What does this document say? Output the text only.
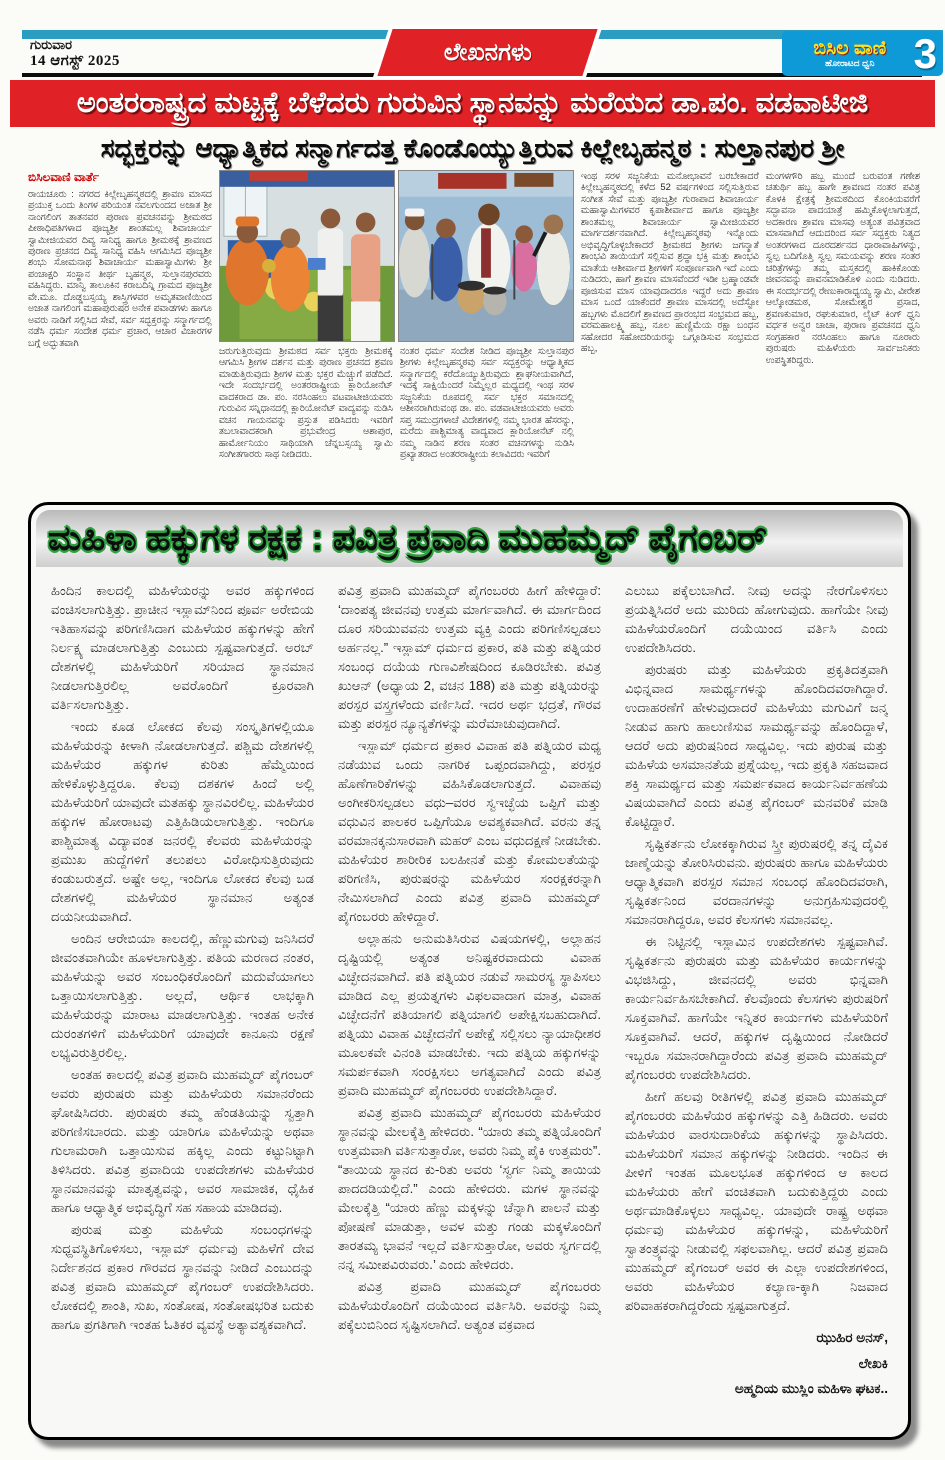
ಗುರುವಾರ
14 ಆಗಸ್ಟ್ 2025	ಲೇಖನಗಳು	ಬಿಸಿಲ ವಾಣಿ
ಹೋರಾಟದ ಧ್ವನಿ 3
ಅಂತರರಾಷ್ಟ್ರದ ಮಟ್ಟಕ್ಕೆ ಬೆಳೆದರು ಗುರುವಿನ ಸ್ಥಾನವನ್ನು ಮರೆಯದ ಡಾ.ಪಂ. ವಡವಾಟೀಜಿ
ಸದ್ಭಕ್ತರನ್ನು ಆಧ್ಯಾತ್ಮಿಕದ ಸನ್ಮಾರ್ಗದತ್ತ ಕೊಂಡೊಯ್ಯುತ್ತಿರುವ ಕಿಲ್ಲೇಬೃಹನ್ಮಠ : ಸುಲ್ತಾನಪುರ ಶ್ರೀ
ಬಿಸಿಲವಾಣಿ ವಾರ್ತೆ
ರಾಯಚೂರು : ನಗರದ ಕಿಲ್ಲೇಬೃಹನ್ಮಠದಲ್ಲಿ ಶ್ರಾವಣ ಮಾಸದ ಪ್ರಯುಕ್ತ ಒಂದು ತಿಂಗಳ ಪರಿಯಂತ ನವಲಗುಂದದ ಅಜಾತ ಶ್ರೀ ನಾಂಗಲಿಂಗ ತಾತನವರ ಪುರಾಣ ಪ್ರವಚನವನ್ನು ಶ್ರೀಮಠದ ಪೀಠಾಧಿಪತಿಗಳಾದ ಪೂಜ್ಯಶ್ರೀ ಶಾಂತಮಲ್ಲ ಶಿವಾಚಾರ್ಯ ಸ್ವಾಮೀಜಿಯವರ ದಿವ್ಯ ಸಾನಿಧ್ಯ ಹಾಗೂ ಶ್ರೀಮಠಕ್ಕೆ ಶ್ರಾವಣದ ಪುರಾಣ ಪ್ರಚನದ ದಿವ್ಯ ಸಾನಿಧ್ಯ ವಹಿಸಿ ಆಗಮಿಸಿದ ಪೂಜ್ಯಶ್ರೀ ಶಂಭು ಸೋಮನಾಥ ಶಿವಾಚಾರ್ಯ ಮಹಾಸ್ವಾಮಿಗಳು ಶ್ರೀ ಪಂಚಾಕ್ಷರಿ ಸಂಸ್ಥಾನ ತೀರ್ಥ ಬೃಹನ್ಮಠ, ಸುಲ್ತಾನಪುರವರು ವಹಿಸಿದ್ದರು. ಮಾನ್ವಿ ತಾಲೂಕಿನ ಕರಾಬದಿನ್ನಿ ಗ್ರಾಮದ ಪೂಜ್ಯಶ್ರೀ ವೇ.ಮೂ. ದೊಡ್ಡಬಸ್ಸಯ್ಯ ಶಾಸ್ತ್ರಿಗಳವರ ಅಮೃತವಾಣಿಯಿಂದ ಅಜಾತ ನಾಗಲಿಂಗ ಮಹಾಪುರುಷರ ಅನೇಕ ಪವಾಡಗಳು ಹಾಗೂ ಅವರು ನಾಡಿಗೆ ಸಲ್ಲಿಸಿದ ಸೇವೆ, ಸರ್ವ ಸದ್ಭಕ್ತರನ್ನು ಸನ್ಮಾರ್ಗದಲ್ಲಿ ನಡೆಸಿ ಧರ್ಮ ಸಂದೇಶ ಧರ್ಮ ಪ್ರಚಾರ, ಆಚಾರ ವಿಚಾರಗಳ ಬಗ್ಗೆ ಅದ್ಭುತವಾಗಿ
ಜರುಗುತ್ತಿರುವುದು ಶ್ರೀಮಠದ ಸರ್ವ ಭಕ್ತರು ಶ್ರೀಮಠಕ್ಕೆ ಆಗಮಿಸಿ ಶ್ರೀಗಳ ದರ್ಶನ ಮತ್ತು ಪುರಾಣ ಪ್ರಚನದ ಶ್ರವಣ ಮಾಡುತ್ತಿರುವುದು ಶ್ರೀಗಳ ಮತ್ತು ಭಕ್ತರ ಮೆಚ್ಚುಗೆ ಪಡೆದಿದೆ. ಇದೇ ಸಂದರ್ಭದಲ್ಲಿ ಅಂತರರಾಷ್ಟ್ರೀಯ ಕ್ಲಾರಿಯೋನೆಟ್ ವಾದಕರಾದ ಡಾ. ಪಂ. ನರಸಿಂಹಲು ವಟವಾಟೀಜಿಯವರು ಗುರುವಿನ ಸನ್ನಿಧಾನದಲ್ಲಿ ಕ್ಲಾರಿಯೋನೆಟ್ ವಾದ್ಯವನ್ನು ನುಡಿಸಿ ವಚನ ಗಾಯನವನ್ನು ಪ್ರಸ್ತುತ ಪಡಿಸಿದರು ಇವರಿಗೆ ತಬಲಾವಾದಕರಾಗಿ ಪ್ರಭುವೇಂದ್ರ ಆಶಾಪುರ, ಹಾರ್ಮೋನಿಯಂ ಸಾಥಿಯಾಗಿ ಚೆನ್ನಬಸ್ಸಯ್ಯ ಸ್ವಾಮಿ ಸಂಗೀತಗಾರರು ಸಾಥ ನೀಡಿದರು.
ನಂತರ ಧರ್ಮ ಸಂದೇಶ ನೀಡಿದ ಪೂಜ್ಯಶ್ರೀ ಸುಲ್ತಾನಪುರ ಶ್ರೀಗಳು ಕಿಲ್ಲೇಬೃಹನ್ಮಠವು ಸರ್ವ ಸದ್ಭಕ್ತರನ್ನು ಆಧ್ಯಾತ್ಮಿಕದ ಸನ್ಮಾರ್ಗದಲ್ಲಿ ಕರೆದೊಯ್ಯುತ್ತಿರುವುದು ಶ್ಲಾಘನೀಯವಾಗಿದೆ, ಇದಕ್ಕೆ ಸಾಕ್ಷಿಯೆಂದರೆ ನಿಮ್ಮೆಲ್ಲರ ಮಧ್ಯದಲ್ಲಿ ಇಂಥ ಸರಳ ಸಜ್ಜನಿಕೆಯ ರೂಪದಲ್ಲಿ ಸರ್ವ ಭಕ್ತರ ಸಮಾನದಲ್ಲಿ ಆಶೀನರಾಗಿರುವಂಥ ಡಾ. ಪಂ. ವಡವಾಟೀಜಿಯವರು ಅವರು ಸಪ್ತ ಸಮುದ್ರಗಳಾಚೆ ವಿದೇಶಗಳಲ್ಲಿ ನಮ್ಮ ಭಾರತ ಹೆಸರನ್ನು, ಮರೆದು ಪಾಶ್ಚಿಮಾತ್ಯ ವಾದ್ಯವಾದ ಕ್ಲಾರಿಯೋನೆಟ್ ನಲ್ಲಿ ನಮ್ಮ ನಾಡಿನ ಶರಣ ಸಂತರ ವಚನಗಳನ್ನು ನುಡಿಸಿ ಪ್ರಖ್ಯಾತರಾದ ಅಂತರರಾಷ್ಟ್ರೀಯ ಕಲಾವಿದರು ಇವರಿಗೆ
ಇಂಥ ಸರಳ ಸಜ್ಜನಿಕೆಯ ಮನೋಭಾವನೆ ಬರಬೇಕಾದರೆ ಕಿಲ್ಲೇಬೃಹನ್ಮಠದಲ್ಲಿ ಕಳೆದ 52 ವರ್ಷಗಳಿಂದ ಸಲ್ಲಿಸುತ್ತಿರುವ ಸಂಗೀತ ಸೇವೆ ಮತ್ತು ಪೂಜ್ಯಶ್ರೀ ಗುರಾಪಾದ ಶಿವಾಚಾರ್ಯ ಮಹಾಸ್ವಾಮಿಗಳವರ ಕೃಪಾಶೀರ್ವಾದ ಹಾಗೂ ಪೂಜ್ಯಶ್ರೀ ಶಾಂತಮಲ್ಲ ಶಿವಾಚಾರ್ಯ ಸ್ವಾಮೀಜಿಯವರ ಮಾರ್ಗದರ್ಶನವಾಗಿದೆ. ಕಿಲ್ಲೇಬೃಹನ್ಮಠವು ಇನ್ನೊಂದು ಅಭಿವೃದ್ಧಿಗೊಳ್ಳಬೇಕಾದರೆ ಶ್ರೀಮಠದ ಶ್ರೀಗಳು ಜಗನ್ಮಾತೆ ಶಾಂಭವಿ ತಾಯಿಯಗೆ ಸಲ್ಲಿಸುವ ಶ್ರದ್ಧಾ ಭಕ್ತಿ ಮತ್ತು ಶಾಂಭವಿ ಮಾತೆಯ ಆಶೀರ್ವಾದ ಶ್ರೀಗಳಿಗೆ ಸಂಪೂರ್ಣವಾಗಿ ಇದೆ ಎಂದು ನುಡಿದರು, ಹಾಗೆ ಶ್ರಾವಣ ಮಾಸವೆಂದರೆ ಇಡೀ ಬ್ರಹ್ಮಾಂಡವೇ ಪೂಜಿಸುವ ಮಾಸ ಯಾವುದಾದರೂ ಇದ್ದರೆ ಅದು ಶ್ರಾವಣ ಮಾಸ ಒಂದೆ ಯಾಕೆಂದರೆ ಶ್ರಾವಣ ಮಾಸದಲ್ಲಿ ಅದೆಸ್ಟೋ ಹಬ್ಬಗಳು ಮೊದಲಿಗೆ ಶ್ರಾವಣದ ಪ್ರಾರಂಭದ ಸಂಭ್ರಮದ ಹಬ್ಬ, ವರಮಹಾಲಕ್ಷ್ಮಿ ಹಬ್ಬ, ನೂಲ ಹುಣ್ಣಿಮೆಯ ರಕ್ಷಾ ಬಂಧನ ಸಹೋದರ ಸಹೋದರಿಯರನ್ನು ಒಗ್ಗೂಡಿಸುವ ಸಂಭ್ರಮದ ಹಬ್ಬ,
ಮಂಗಳಗೌರಿ ಹಬ್ಬ ಮುಂದೆ ಬರುವಂತ ಗಣೇಶ ಚತುರ್ಥಿ ಹಬ್ಬ ಹಾಗೇ ಶ್ರಾವಣದ ನಂತರ ಪವಿತ್ರ ಕೊಳಕಿ ಕ್ಷೇತ್ರಕ್ಕೆ ಶ್ರೀಮಠದಿಂದ ಕೊಂಕಿಯವರೆಗೆ ಸದ್ಭಾವನಾ ಪಾದಯಾತ್ರೆ ಹಮ್ಮಿಕೊಳ್ಳಲಾಗುತ್ತದೆ, ಅದಕಾರಣ ಶ್ರಾವಣ ಮಾಸವು ಅತ್ಯಂತ ಪವಿತ್ರವಾದ ಮಾಸವಾಗಿದೆ ಆದುದರಿಂದ ಸರ್ವ ಸದ್ಭಕ್ತರು ನಿತ್ಯದ ಅಂತರಗಳಾದ ದೂರದರ್ಶನದ ಧಾರಾವಾಹಿಗಳನ್ನು, ಸ್ವಲ್ಪ ಬದಿಗೊತ್ತಿ ಸ್ವಲ್ಪ ಸಮಯವನ್ನು ಶರಣ ಸಂತರ ಚರಿತ್ರೆಗಳನ್ನು ತಮ್ಮ ಮಸ್ತಕದಲ್ಲಿ ಹಾಕಿಕೊಂಡು ಜೀವನವನ್ನು ಪಾವನಮಾಡಿಕೊಳಿ ಎಂದು ನುಡಿದರು. ಈ ಸಂದರ್ಭದಲ್ಲಿ ರೇಣುಕಾರಾಧ್ಯಯ್ಯ ಸ್ವಾಮಿ, ವೀರೇಶ ಆಲ್ಕೋಡಮಠ, ಸೋಮೇಶ್ವರ ಪ್ರಸಾದ, ಶ್ರವಣಕುಮಾರ, ರಘುಕುಮಾರ, ಲೈಟ್ ಕಿಂಗ್ ಧ್ವನಿ ವರ್ಧಕ ಅನ್ವರ ಚಾಚಾ, ಪುರಾಣ ಪ್ರವಚನದ ಧ್ವನಿ ಸಂಗ್ರಹಕಾರ ನರಸಿಂಹಲು ಹಾಗೂ ನೂರಾರು ಪುರುಷರು ಮಹಿಳೆಯರು ಸಾರ್ವಜನಿಕರು ಉಪಸ್ಥಿತರಿದ್ದರು.
ಮಹಿಳಾ ಹಕ್ಕುಗಳ ರಕ್ಷಕ : ಪವಿತ್ರ ಪ್ರವಾದಿ ಮುಹಮ್ಮದ್ ಪೈಗಂಬರ್

ಹಿಂದಿನ ಕಾಲದಲ್ಲಿ ಮಹಿಳೆಯರನ್ನು ಅವರ ಹಕ್ಕುಗಳಿಂದ ವಂಚಿಸಲಾಗುತ್ತಿತ್ತು. ಪ್ರಾಚೀನ ಇಸ್ಲಾಮ್‌ನಿಂದ ಪೂರ್ವ ಅರೇಬಿಯ ಇತಿಹಾಸವನ್ನು ಪರಿಗಣಿಸಿದಾಗ ಮಹಿಳೆಯರ ಹಕ್ಕುಗಳನ್ನು ಹೇಗೆ ನಿರ್ಲಕ್ಷ್ಯ ಮಾಡಲಾಗುತ್ತಿತ್ತು ಎಂಬುದು ಸ್ಪಷ್ಟವಾಗುತ್ತದೆ. ಅರಬ್ ದೇಶಗಳಲ್ಲಿ ಮಹಿಳೆಯರಿಗೆ ಸರಿಯಾದ ಸ್ಥಾನಮಾನ ನೀಡಲಾಗುತ್ತಿರಲಿಲ್ಲ ಅವರೊಂದಿಗೆ ಕ್ರೂರವಾಗಿ ವರ್ತಿಸಲಾಗುತ್ತಿತ್ತು.

ಇಂದು ಕೂಡ ಲೋಕದ ಕೆಲವು ಸಂಸ್ಕೃತಿಗಳಲ್ಲಿಯೂ ಮಹಿಳೆಯರನ್ನು ಕೀಳಾಗಿ ನೋಡಲಾಗುತ್ತದೆ. ಪಶ್ಚಿಮ ದೇಶಗಳಲ್ಲಿ ಮಹಿಳೆಯರ ಹಕ್ಕುಗಳ ಕುರಿತು ಹೆಮ್ಮೆಯಿಂದ ಹೇಳಿಕೊಳ್ಳುತ್ತಿದ್ದರೂ. ಕೆಲವು ದಶಕಗಳ ಹಿಂದೆ ಅಲ್ಲಿ ಮಹಿಳೆಯರಿಗೆ ಯಾವುದೇ ಮತಹಕ್ಕು ಸ್ಥಾನವಿರಲಿಲ್ಲ. ಮಹಿಳೆಯರ ಹಕ್ಕುಗಳ ಹೋರಾಟವು ಎತ್ತಿಹಿಡಿಯಲಾಗುತ್ತಿತ್ತು. ಇಂದಿಗೂ ಪಾಶ್ಚಿಮಾತ್ಯ ವಿದ್ಯಾವಂತ ಜನರಲ್ಲಿ ಕೆಲವರು ಮಹಿಳೆಯರನ್ನು ಪ್ರಮುಖ ಹುದ್ದೆಗಳಿಗೆ ತಲುಪಲು ವಿರೋಧಿಸುತ್ತಿರುವುದು ಕಂಡುಬರುತ್ತದೆ. ಅಷ್ಟೇ ಅಲ್ಲ, ಇಂದಿಗೂ ಲೋಕದ ಕೆಲವು ಬಡ ದೇಶಗಳಲ್ಲಿ ಮಹಿಳೆಯರ ಸ್ಥಾನಮಾನ ಅತ್ಯಂತ ದಯನೀಯವಾಗಿದೆ.

ಅಂದಿನ ಆರೇಬಿಯಾ ಕಾಲದಲ್ಲಿ, ಹೆಣ್ಣುಮಗುವು ಜನಿಸಿದರೆ ಜೀವಂತವಾಗಿಯೇ ಹೂಳಲಾಗುತ್ತಿತ್ತು. ಪತಿಯ ಮರಣದ ನಂತರ, ಮಹಿಳೆಯನ್ನು ಅವರ ಸಂಬಂಧಿಕರೊಂದಿಗೆ ಮದುವೆಯಾಗಲು ಒತ್ತಾಯಿಸಲಾಗುತ್ತಿತ್ತು. ಅಲ್ಲದೆ, ಆರ್ಥಿಕ ಲಾಭಕ್ಕಾಗಿ ಮಹಿಳೆಯರನ್ನು ಮಾರಾಟ ಮಾಡಲಾಗುತ್ತಿತ್ತು. ಇಂತಹ ಅನೇಕ ದುರಂತಗಳಿಗೆ ಮಹಿಳೆಯರಿಗೆ ಯಾವುದೇ ಕಾನೂನು ರಕ್ಷಣೆ ಲಭ್ಯವಿರುತ್ತಿರಲಿಲ್ಲ.

ಅಂತಹ ಕಾಲದಲ್ಲಿ ಪವಿತ್ರ ಪ್ರವಾದಿ ಮುಹಮ್ಮದ್ ಪೈಗಂಬರ್ ಅವರು ಪುರುಷರು ಮತ್ತು ಮಹಿಳೆಯರು ಸಮಾನರೆಂದು ಘೋಷಿಸಿದರು. ಪುರುಷರು ತಮ್ಮ ಹೆಂಡತಿಯನ್ನು ಸ್ವತ್ತಾಗಿ ಪರಿಗಣಿಸಬಾರದು. ಮತ್ತು ಯಾರಿಗೂ ಮಹಿಳೆಯನ್ನು ಅಥವಾ ಗುಲಾಮರಾಗಿ ಒತ್ತಾಯಿಸುವ ಹಕ್ಕಿಲ್ಲ ಎಂದು ಕಟ್ಟುನಿಟ್ಟಾಗಿ ತಿಳಿಸಿದರು. ಪವಿತ್ರ ಪ್ರವಾದಿಯ ಉಪದೇಶಗಳು ಮಹಿಳೆಯರ ಸ್ಥಾನಮಾನವನ್ನು ಮಾತೃತ್ವವನ್ನು, ಅವರ ಸಾಮಾಜಿಕ, ಧೈಹಿಕ ಹಾಗೂ ಆಧ್ಯಾತ್ಮಿಕ ಅಭಿವೃದ್ಧಿಗೆ ಸಹ ಸಹಾಯ ಮಾಡಿದವು.

ಪುರುಷ ಮತ್ತು ಮಹಿಳೆಯ ಸಂಬಂಧಗಳನ್ನು ಸುಧ್ದವಸ್ಥಿತಿಗೊಳಿಸಲು, ಇಸ್ಲಾಮ್ ಧರ್ಮವು ಮಹಿಳೆಗೆ ದೇವ ನಿರ್ದೇಶನದ ಪ್ರಕಾರ ಗೌರವದ ಸ್ಥಾನವನ್ನು ನೀಡಿದೆ ಎಂಬುದನ್ನು ಪವಿತ್ರ ಪ್ರವಾದಿ ಮುಹಮ್ಮದ್ ಪೈಗಂಬರ್ ಉಪದೇಶಿಸಿದರು. ಲೋಕದಲ್ಲಿ ಶಾಂತಿ, ಸುಖ, ಸಂತೋಷ, ಸಂತೋಷಭರಿತ ಬದುಕು ಹಾಗೂ ಪ್ರಗತಿಗಾಗಿ ಇಂತಹ ಓತಿಕರ ವ್ಯವಸ್ಥೆ ಅತ್ಯಾವಶ್ಯಕವಾಗಿದೆ.

ಪವಿತ್ರ ಪ್ರವಾದಿ ಮುಹಮ್ಮದ್ ಪೈಗಂಬರರು ಹೀಗೆ ಹೇಳಿದ್ದಾರೆ: ‘ದಾಂಪತ್ಯ ಜೀವನವು ಉತ್ತಮ ಮಾರ್ಗವಾಗಿದೆ. ಈ ಮಾರ್ಗದಿಂದ ದೂರ ಸರಿಯುವವನು ಉತ್ತಮ ವ್ಯಕ್ತಿ ಎಂದು ಪರಿಗಣಿಸಲ್ಪಡಲು ಅರ್ಹನಲ್ಲ.” ಇಸ್ಲಾಮ್ ಧರ್ಮದ ಪ್ರಕಾರ, ಪತಿ ಮತ್ತು ಪತ್ನಿಯರ ಸಂಬಂಧ ದಯೆಯ ಗುಣವಿಶೇಷದಿಂದ ಕೂಡಿರಬೇಕು. ಪವಿತ್ರ ಖುಆನ್ (ಅಧ್ಯಾಯ 2, ವಚನ 188) ಪತಿ ಮತ್ತು ಪತ್ನಿಯರನ್ನು ಪರಸ್ಪರ ವಸ್ತ್ರಗಳೆಂದು ವರ್ಣಿಸಿದೆ. ಇದರ ಅರ್ಥ ಭದ್ರತೆ, ಗೌರವ ಮತ್ತು ಪರಸ್ಪರ ನ್ಯೂನ್ಯತೆಗಳನ್ನು ಮರೆಮಾಚುವುದಾಗಿದೆ.

ಇಸ್ಲಾಮ್ ಧರ್ಮದ ಪ್ರಕಾರ ವಿವಾಹ ಪತಿ ಪತ್ನಿಯರ ಮಧ್ಯ ನಡೆಯುವ ಒಂದು ನಾಗರಿಕ ಒಪ್ಪಂದವಾಗಿದ್ದು, ಪರಸ್ಪರ ಹೊಣೆಗಾರಿಕೆಗಳನ್ನು ವಹಿಸಿಕೊಡಲಾಗುತ್ತದೆ. ವಿವಾಹವು ಅಂಗೀಕರಿಸಲ್ಪಡಲು ವಧು–ವರರ ಸ್ವಇಚ್ಛೆಯ ಒಪ್ಪಿಗೆ ಮತ್ತು ವಧುವಿನ ಪಾಲಕರ ಒಪ್ಪಿಗೆಯೂ ಅವಶ್ಯಕವಾಗಿದೆ. ವರನು ತನ್ನ ವರಮಾನಕ್ಕನುಸಾರವಾಗಿ ಮಹರ್ ಎಂಬ ವಧುದಕ್ಷಣೆ ನೀಡಬೇಕು. ಮಹಿಳೆಯರ ಶಾರೀರಿಕ ಬಲಹೀನತೆ ಮತ್ತು ಕೋಮಲತೆಯನ್ನು ಪರಿಗಣಿಸಿ, ಪುರುಷರನ್ನು ಮಹಿಳೆಯರ ಸಂರಕ್ಷಕರನ್ನಾಗಿ ನೇಮಿಸಲಾಗಿದೆ ಎಂದು ಪವಿತ್ರ ಪ್ರವಾದಿ ಮುಹಮ್ಮದ್ ಪೈಗಂಬರರು ಹೇಳಿದ್ದಾರೆ.

ಅಲ್ಲಾಹನು ಅನುಮತಿಸಿರುವ ವಿಷಯಗಳಲ್ಲಿ, ಅಲ್ಲಾಹನ ದೃಷ್ಟಿಯಲ್ಲಿ ಅತ್ಯಂತ ಅನಿಷ್ಟಕರವಾದುದು ವಿವಾಹ ವಿಚ್ಛೇದನವಾಗಿದೆ. ಪತಿ ಪತ್ನಿಯರ ನಡುವೆ ಸಾಮರಸ್ಯ ಸ್ಥಾಪಿಸಲು ಮಾಡಿದ ಎಲ್ಲ ಪ್ರಯತ್ನಗಳು ವಿಫಲವಾದಾಗ ಮಾತ್ರ, ವಿವಾಹ ವಿಚ್ಛೇದನೆಗೆ ಪತಿಯಾಗಲಿ ಪತ್ನಿಯಾಗಲಿ ಅಪೇಕ್ಷಿಸಬಹುದಾಗಿದೆ. ಪತ್ನಿಯು ವಿವಾಹ ವಿಚ್ಛೇದನೆಗೆ ಅಪೇಕ್ಷೆ ಸಲ್ಲಿಸಲು ನ್ಯಾಯಾಧೀಶರ ಮೂಲಕವೇ ವಿನಂತಿ ಮಾಡಬೇಕು. ಇದು ಪತ್ನಿಯ ಹಕ್ಕುಗಳನ್ನು ಸಮರ್ಪಕವಾಗಿ ಸಂರಕ್ಷಿಸಲು ಅಗತ್ಯವಾಗಿದೆ ಎಂದು ಪವಿತ್ರ ಪ್ರವಾದಿ ಮುಹಮ್ಮದ್ ಪೈಗಂಬರರು ಉಪದೇಶಿಸಿದ್ದಾರೆ.

ಪವಿತ್ರ ಪ್ರವಾದಿ ಮುಹಮ್ಮದ್ ಪೈಗಂಬರರು ಮಹಿಳೆಯರ ಸ್ಥಾನವನ್ನು ಮೇಲಕ್ಕೆತ್ತಿ ಹೇಳಿದರು. “ಯಾರು ತಮ್ಮ ಪತ್ನಿಯೊಂದಿಗೆ ಉತ್ತಮವಾಗಿ ವರ್ತಿಸುತ್ತಾರೋ, ಅವರು ನಿಮ್ಮ ಪೈಕಿ ಉತ್ತಮರು”. “ತಾಯಿಯ ಸ್ಥಾನದ ಕು-ರಿತು ಅವರು ‘ಸ್ವರ್ಗ ನಿಮ್ಮ ತಾಯಿಯ ಪಾದದಡಿಯಲ್ಲಿದೆ.” ಎಂದು ಹೇಳಿದರು. ಮಗಳ ಸ್ಥಾನವನ್ನು ಮೇಲಕ್ಕೆತ್ತಿ “ಯಾರು ಹೆಣ್ಣು ಮಕ್ಕಳನ್ನು ಚೆನ್ನಾಗಿ ಪಾಲನೆ ಮತ್ತು ಪೋಷಣೆ ಮಾಡುತ್ತಾ, ಅವಳ ಮತ್ತು ಗಂಡು ಮಕ್ಕಳೊಂದಿಗೆ ತಾರತಮ್ಯ ಭಾವನೆ ಇಲ್ಲದೆ ವರ್ತಿಸುತ್ತಾರೋ, ಅವರು ಸ್ವರ್ಗದಲ್ಲಿ ನನ್ನ ಸಮೀಪವಿರುವರು.’ ಎಂದು ಹೇಳಿದರು.

ಪವಿತ್ರ ಪ್ರವಾದಿ ಮುಹಮ್ಮದ್ ಪೈಗಂಬರರು ಮಹಿಳೆಯರೊಂದಿಗೆ ದಯೆಯಿಂದ ವರ್ತಿಸಿರಿ. ಅವರನ್ನು ನಿಮ್ಮ ಪಕ್ಕೆಲುಬಿನಿಂದ ಸೃಷ್ಟಿಸಲಾಗಿದೆ. ಅತ್ಯಂತ ವಕ್ರವಾದ

ಎಲುಬು ಪಕ್ಕೆಲುಬಾಗಿದೆ. ನೀವು ಅದನ್ನು ನೇರಗೊಳಿಸಲು ಪ್ರಯತ್ನಿಸಿದರೆ ಅದು ಮುರಿದು ಹೋಗುವುದು. ಹಾಗೆಯೇ ನೀವು ಮಹಿಳೆಯರೊಂದಿಗೆ ದಯೆಯಿಂದ ವರ್ತಿಸಿ ಎಂದು ಉಪದೇಶಿಸಿದರು.

ಪುರುಷರು ಮತ್ತು ಮಹಿಳೆಯರು ಪ್ರಕೃತಿದತ್ತವಾಗಿ ವಿಭಿನ್ನವಾದ ಸಾಮರ್ಥ್ಯಗಳನ್ನು ಹೊಂದಿದವರಾಗಿದ್ದಾರೆ. ಉದಾಹರಣೆಗೆ ಹೇಳುವುದಾದರೆ ಮಹಿಳೆಯು ಮಗುವಿಗೆ ಜನ್ಮ ನೀಡುವ ಹಾಗು ಹಾಲುಣಿಸುವ ಸಾಮರ್ಥ್ಯವನ್ನು ಹೊಂದಿದ್ದಾಳೆ, ಆದರೆ ಅದು ಪುರುಷನಿಂದ ಸಾಧ್ಯವಿಲ್ಲ. ಇದು ಪುರುಷ ಮತ್ತು ಮಹಿಳೆಯ ಅಸಮಾನತೆಯ ಪ್ರಶ್ನೆಯಲ್ಲ, ಇದು ಪ್ರಕೃತಿ ಸಹಜವಾದ ಶಕ್ತಿ ಸಾಮರ್ಥ್ಯದ ಮತ್ತು ಸಮರ್ಪಕವಾದ ಕಾರ್ಯನಿರ್ವಹಣೆಯ ವಿಷಯವಾಗಿದೆ ಎಂದು ಪವಿತ್ರ ಪೈಗಂಬರ್ ಮನವರಿಕೆ ಮಾಡಿ ಕೊಟ್ಟಿದ್ದಾರೆ.

ಸೃಷ್ಟಿಕರ್ತನು ಲೋಕಕ್ಕಾಗಿರುವ ಸ್ತ್ರೀ ಪುರುಷರಲ್ಲಿ ತನ್ನ ದೈವಿಕ ಜಾಣ್ಮೆಯನ್ನು ತೋರಿಸಿರುವನು. ಪುರುಷರು ಹಾಗೂ ಮಹಿಳೆಯರು ಆಧ್ಯಾತ್ಮಿಕವಾಗಿ ಪರಸ್ಪರ ಸಮಾನ ಸಂಬಂಧ ಹೊಂದಿದವರಾಗಿ, ಸೃಷ್ಟಿಕರ್ತನಿಂದ ವರದಾನಗಳನ್ನು ಅನುಗ್ರಹಿಸುವುದರಲ್ಲಿ ಸಮಾನರಾಗಿದ್ದರೂ, ಅವರ ಕೆಲಸಗಳು ಸಮಾನವಲ್ಲ.

ಈ ನಿಟ್ಟಿನಲ್ಲಿ ಇಸ್ಲಾಮಿನ ಉಪದೇಶಗಳು ಸ್ಪಷ್ಟವಾಗಿವೆ. ಸೃಷ್ಟಿಕರ್ತನು ಪುರುಷರು ಮತ್ತು ಮಹಿಳೆಯರ ಕಾರ್ಯಗಳನ್ನು ವಿಭಜಿಸಿದ್ದು, ಜೀವನದಲ್ಲಿ ಅವರು ಭಿನ್ನವಾಗಿ ಕಾರ್ಯನಿರ್ವಹಿಸಬೇಕಾಗಿದೆ. ಕೆಲವೊಂದು ಕೆಲಸಗಳು ಪುರುಷರಿಗೆ ಸೂಕ್ತವಾಗಿವೆ. ಹಾಗೆಯೇ ಇನ್ನಿತರ ಕಾರ್ಯಗಳು ಮಹಿಳೆಯರಿಗೆ ಸೂಕ್ತವಾಗಿವೆ. ಆದರೆ, ಹಕ್ಕುಗಳ ದೃಷ್ಟಿಯಿಂದ ನೋಡಿದರೆ ಇಬ್ಬರೂ ಸಮಾನರಾಗಿದ್ದಾರೆಂದು ಪವಿತ್ರ ಪ್ರವಾದಿ ಮುಹಮ್ಮದ್ ಪೈಗಂಬರರು ಉಪದೇಶಿಸಿದರು.

ಹೀಗೆ ಹಲವು ರೀತಿಗಳಲ್ಲಿ ಪವಿತ್ರ ಪ್ರವಾದಿ ಮುಹಮ್ಮದ್ ಪೈಗಂಬರರು ಮಹಿಳೆಯರ ಹಕ್ಕುಗಳನ್ನು ಎತ್ತಿ ಹಿಡಿದರು. ಅವರು ಮಹಿಳೆಯರ ವಾರಸುದಾರಿಕೆಯ ಹಕ್ಕುಗಳನ್ನು ಸ್ಥಾಪಿಸಿದರು. ಮಹಿಳೆಯರಿಗೆ ಸಮಾನ ಹಕ್ಕುಗಳನ್ನು ನೀಡಿದರು. ಇಂದಿನ ಈ ಪೀಳಿಗೆ ಇಂತಹ ಮೂಲಭೂತ ಹಕ್ಕುಗಳಿಂದ ಆ ಕಾಲದ ಮಹಿಳೆಯರು ಹೇಗೆ ವಂಚಿತವಾಗಿ ಬದುಕುತ್ತಿದ್ದರು ಎಂದು ಅರ್ಥಮಾಡಿಕೊಳ್ಳಲು ಸಾಧ್ಯವಿಲ್ಲ. ಯಾವುದೇ ರಾಷ್ಟ್ರ ಅಥವಾ ಧರ್ಮವು ಮಹಿಳೆಯರ ಹಕ್ಕುಗಳನ್ನು, ಮಹಿಳೆಯರಿಗೆ ಸ್ವಾತಂತ್ರ್ಯವನ್ನು ನೀಡುವಲ್ಲಿ ಸಫಲವಾಗಿಲ್ಲ. ಆದರೆ ಪವಿತ್ರ ಪ್ರವಾದಿ ಮುಹಮ್ಮದ್ ಪೈಗಂಬರ್ ಅವರ ಈ ಎಲ್ಲಾ ಉಪದೇಶಗಳಿಂದ, ಅವರು ಮಹಿಳೆಯರ ಕಲ್ಯಾಣ-ಕ್ಕಾಗಿ ನಿಜವಾದ ಪರಿವಾಹಕರಾಗಿದ್ದರೆಂದು ಸ್ಪಷ್ಟವಾಗುತ್ತದೆ.

ಝುಹಿರ ಅನಸ್,
ಲೇಖಕಿ
ಅಹ್ಮದಿಯ ಮುಸ್ಲಿಂ ಮಹಿಳಾ ಘಟಕ..
